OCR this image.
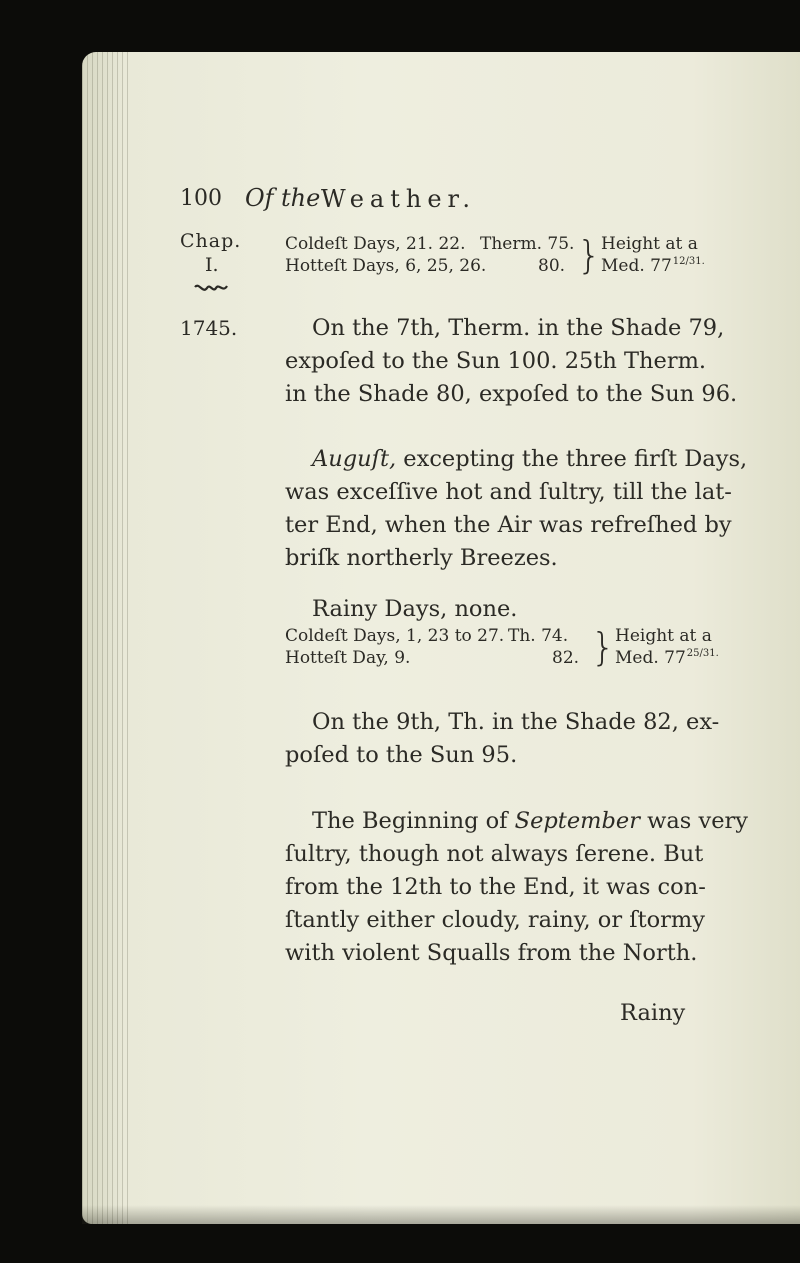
100 Of the Weather.
Chap.
I.
1745.
Coldeſt Days, 21. 22. Therm. 75.
Hotteſt Days, 6, 25, 26.	80. } Height at a
Med. $77^{12/31.}$
On the 7th, Therm. in the Shade 79,
expoſed to the Sun 100. 25th Therm.
in the Shade 80, expoſed to the Sun 96.
Auguſt, excepting the three firſt Days,
was exceſſive hot and ſultry, till the lat-
ter End, when the Air was refreſhed by
briſk northerly Breezes.
Rainy Days, none.
Coldeſt Days, 1, 23 to 27. Th. 74.
Hotteſt Day, 9.	82. } Height at a
Med. $77^{25/31.}$
On the 9th, Th. in the Shade 82, ex-
poſed to the Sun 95.
The Beginning of September was very
ſultry, though not always ſerene. But
from the 12th to the End, it was con-
ſtantly either cloudy, rainy, or ſtormy
with violent Squalls from the North.
Rainy
